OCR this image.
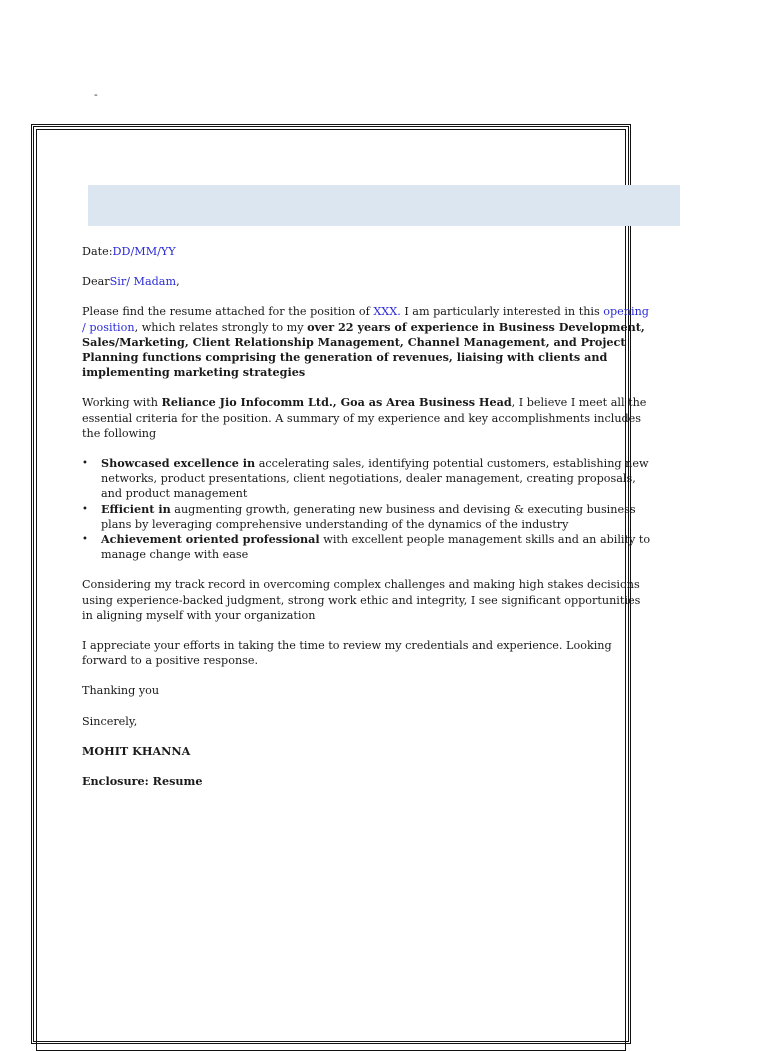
-

Date:DD/MM/YY

DearSir/ Madam,

Please find the resume attached for the position of XXX. I am particularly interested in this opening / position, which relates strongly to my over 22 years of experience in Business Development, Sales/Marketing, Client Relationship Management, Channel Management, and Project Planning functions comprising the generation of revenues, liaising with clients and implementing marketing strategies

Working with Reliance Jio Infocomm Ltd., Goa as Area Business Head, I believe I meet all the essential criteria for the position. A summary of my experience and key accomplishments includes the following

• Showcased excellence in accelerating sales, identifying potential customers, establishing new networks, product presentations, client negotiations, dealer management, creating proposals, and product management
• Efficient in augmenting growth, generating new business and devising & executing business plans by leveraging comprehensive understanding of the dynamics of the industry
• Achievement oriented professional with excellent people management skills and an ability to manage change with ease

Considering my track record in overcoming complex challenges and making high stakes decisions using experience-backed judgment, strong work ethic and integrity, I see significant opportunities in aligning myself with your organization

I appreciate your efforts in taking the time to review my credentials and experience. Looking forward to a positive response.

Thanking you

Sincerely,

MOHIT KHANNA

Enclosure: Resume
